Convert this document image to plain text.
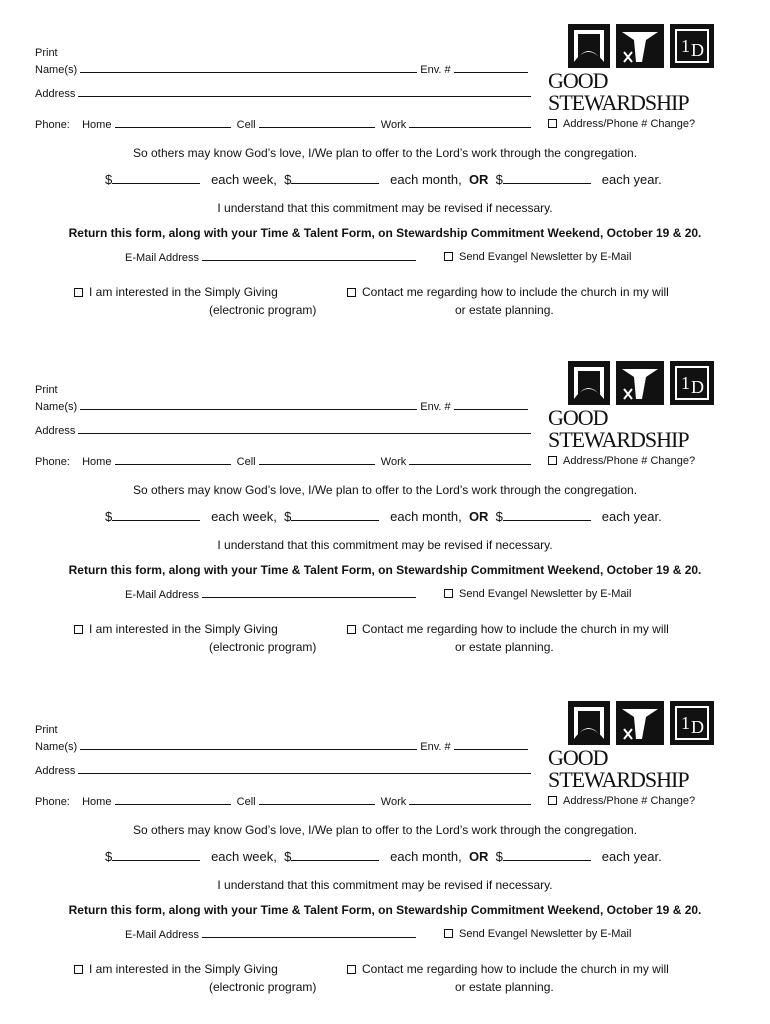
Print
Name(s)	Env. #
Address
Phone: Home	Cell	Work	Address/Phone # Change?
So others may know God’s love, I/We plan to offer to the Lord’s work through the congregation.
$	each week, $	each month, OR $	each year.
I understand that this commitment may be revised if necessary.
Return this form, along with your Time & Talent Form, on Stewardship Commitment Weekend, October 19 & 20.
E-Mail Address	Send Evangel Newsletter by E-Mail
I am interested in the Simply Giving
(electronic program)
Contact me regarding how to include the church in my will
or estate planning.
1 D
GOOD STEWARDSHIP
Print
Name(s)	Env. #
Address
Phone: Home	Cell	Work	Address/Phone # Change?
So others may know God’s love, I/We plan to offer to the Lord’s work through the congregation.
$	each week, $	each month, OR $	each year.
I understand that this commitment may be revised if necessary.
Return this form, along with your Time & Talent Form, on Stewardship Commitment Weekend, October 19 & 20.
E-Mail Address	Send Evangel Newsletter by E-Mail
I am interested in the Simply Giving
(electronic program)
Contact me regarding how to include the church in my will
or estate planning.
1 D
GOOD STEWARDSHIP
Print
Name(s)	Env. #
Address
Phone: Home	Cell	Work	Address/Phone # Change?
So others may know God’s love, I/We plan to offer to the Lord’s work through the congregation.
$	each week, $	each month, OR $	each year.
I understand that this commitment may be revised if necessary.
Return this form, along with your Time & Talent Form, on Stewardship Commitment Weekend, October 19 & 20.
E-Mail Address	Send Evangel Newsletter by E-Mail
I am interested in the Simply Giving
(electronic program)
Contact me regarding how to include the church in my will
or estate planning.
1 D
GOOD STEWARDSHIP
